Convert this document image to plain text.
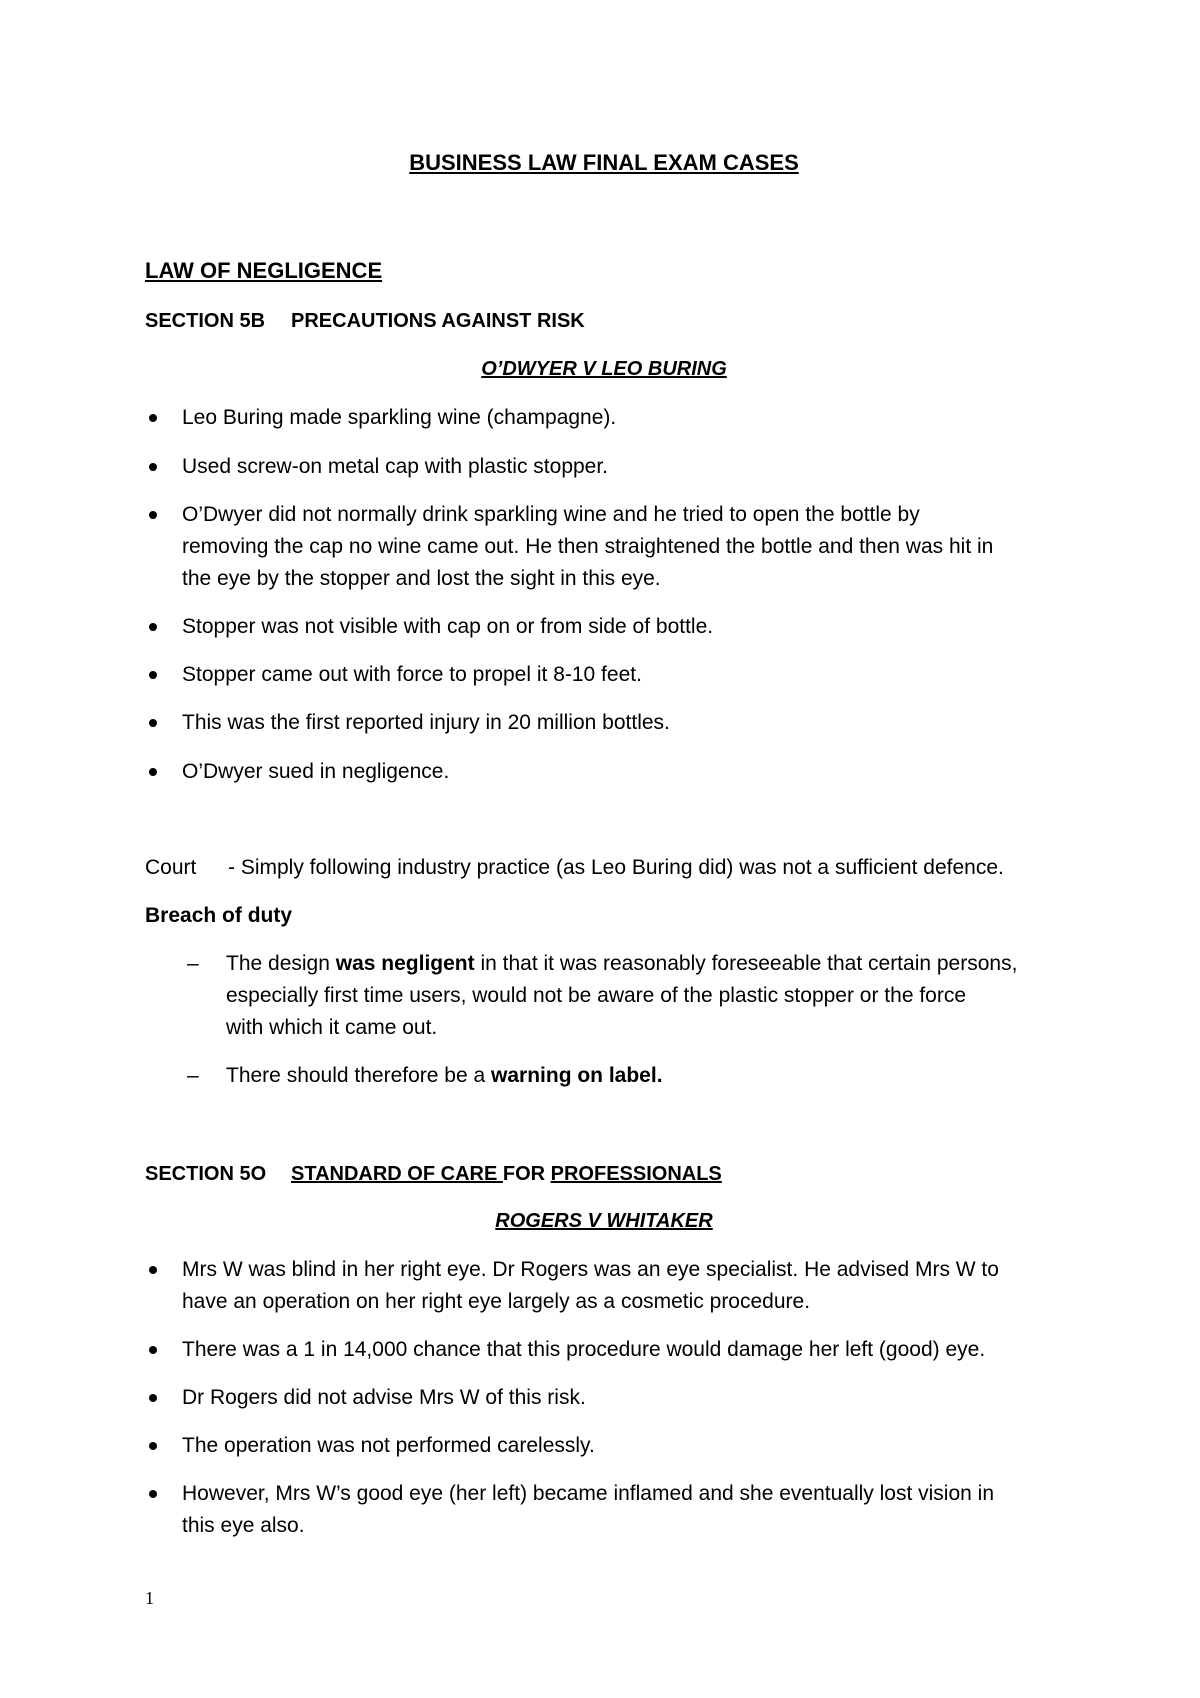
BUSINESS LAW FINAL EXAM CASES
LAW OF NEGLIGENCE
SECTION 5B PRECAUTIONS AGAINST RISK
O’DWYER V LEO BURING
Leo Buring made sparkling wine (champagne).
Used screw-on metal cap with plastic stopper.
O’Dwyer did not normally drink sparkling wine and he tried to open the bottle by
removing the cap no wine came out. He then straightened the bottle and then was hit in
the eye by the stopper and lost the sight in this eye.
Stopper was not visible with cap on or from side of bottle.
Stopper came out with force to propel it 8-10 feet.
This was the first reported injury in 20 million bottles.
O’Dwyer sued in negligence.
Court - Simply following industry practice (as Leo Buring did) was not a sufficient defence.
Breach of duty
– The design was negligent in that it was reasonably foreseeable that certain persons,
especially first time users, would not be aware of the plastic stopper or the force
with which it came out.
– There should therefore be a warning on label.
SECTION 5O STANDARD OF CARE FOR PROFESSIONALS
ROGERS V WHITAKER
Mrs W was blind in her right eye. Dr Rogers was an eye specialist. He advised Mrs W to
have an operation on her right eye largely as a cosmetic procedure.
There was a 1 in 14,000 chance that this procedure would damage her left (good) eye.
Dr Rogers did not advise Mrs W of this risk.
The operation was not performed carelessly.
However, Mrs W’s good eye (her left) became inflamed and she eventually lost vision in
this eye also.
1
